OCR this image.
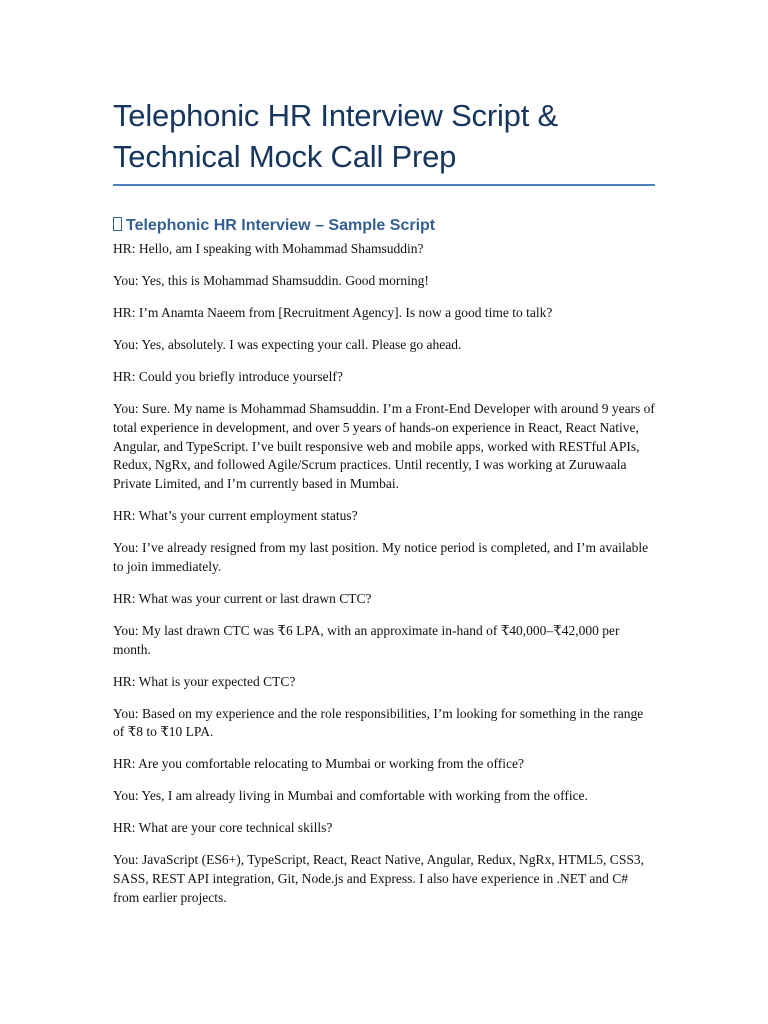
Telephonic HR Interview Script &
Technical Mock Call Prep
Telephonic HR Interview – Sample Script

HR: Hello, am I speaking with Mohammad Shamsuddin?

You: Yes, this is Mohammad Shamsuddin. Good morning!

HR: I’m Anamta Naeem from [Recruitment Agency]. Is now a good time to talk?

You: Yes, absolutely. I was expecting your call. Please go ahead.

HR: Could you briefly introduce yourself?

You: Sure. My name is Mohammad Shamsuddin. I’m a Front-End Developer with around 9 years of total experience in development, and over 5 years of hands-on experience in React, React Native, Angular, and TypeScript. I’ve built responsive web and mobile apps, worked with RESTful APIs, Redux, NgRx, and followed Agile/Scrum practices. Until recently, I was working at Zuruwaala Private Limited, and I’m currently based in Mumbai.

HR: What’s your current employment status?

You: I’ve already resigned from my last position. My notice period is completed, and I’m available to join immediately.

HR: What was your current or last drawn CTC?

You: My last drawn CTC was ₹6 LPA, with an approximate in-hand of ₹40,000–₹42,000 per month.

HR: What is your expected CTC?

You: Based on my experience and the role responsibilities, I’m looking for something in the range of ₹8 to ₹10 LPA.

HR: Are you comfortable relocating to Mumbai or working from the office?

You: Yes, I am already living in Mumbai and comfortable with working from the office.

HR: What are your core technical skills?

You: JavaScript (ES6+), TypeScript, React, React Native, Angular, Redux, NgRx, HTML5, CSS3, SASS, REST API integration, Git, Node.js and Express. I also have experience in .NET and C# from earlier projects.
